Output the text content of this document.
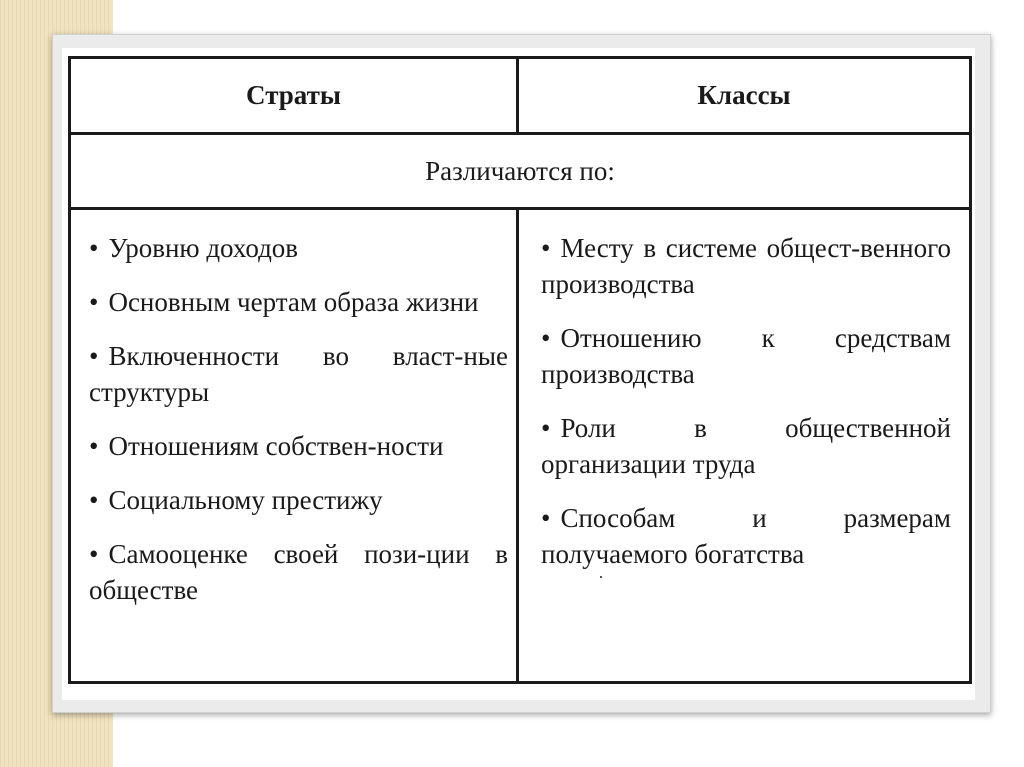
Страты	Классы
Различаются по:
• Уровню доходов
• Основным чертам образа жизни
• Включенности во власт-ные структуры
• Отношениям собствен-ности
• Социальному престижу
• Самооценке своей пози-ции в обществе
• Месту в системе общест-венного производства
• Отношению к средствам производства
• Роли в общественной организации труда
• Способам и размерам получаемого богатства
